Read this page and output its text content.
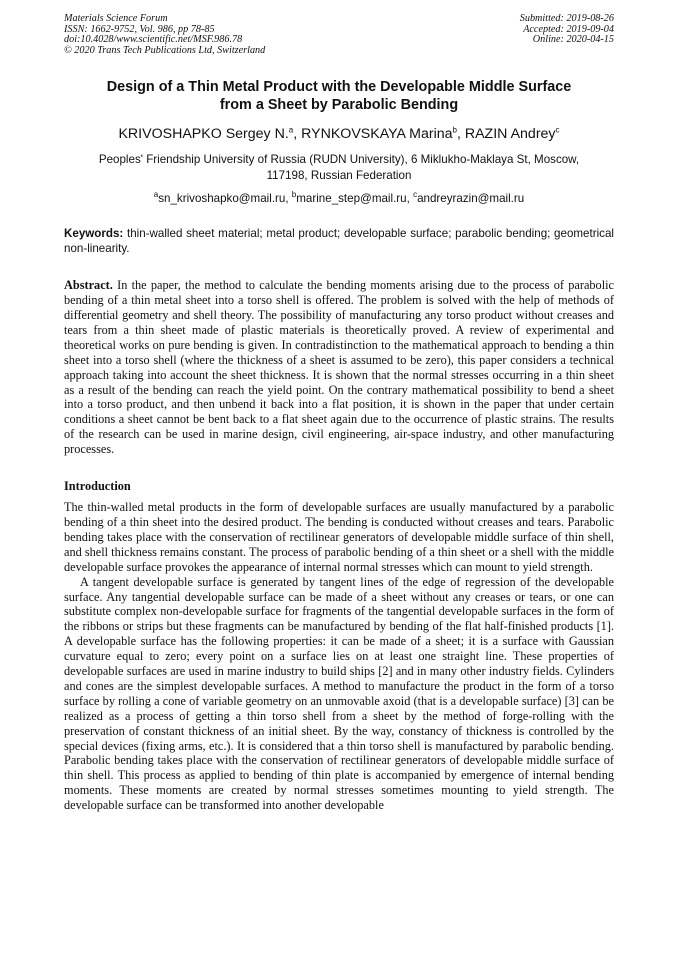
Materials Science Forum
ISSN: 1662-9752, Vol. 986, pp 78-85
doi:10.4028/www.scientific.net/MSF.986.78
© 2020 Trans Tech Publications Ltd, Switzerland
Submitted: 2019-08-26
Accepted: 2019-09-04
Online: 2020-04-15
Design of a Thin Metal Product with the Developable Middle Surface
from a Sheet by Parabolic Bending
KRIVOSHAPKO Sergey N.$^a$, RYNKOVSKAYA Marina$^b$, RAZIN Andrey$^c$
Peoples' Friendship University of Russia (RUDN University), 6 Miklukho-Maklaya St, Moscow,
117198, Russian Federation
$^a$sn_krivoshapko@mail.ru, $^b$marine_step@mail.ru, $^c$andreyrazin@mail.ru
Keywords: thin-walled sheet material; metal product; developable surface; parabolic bending; geometrical non-linearity.

Abstract. In the paper, the method to calculate the bending moments arising due to the process of parabolic bending of a thin metal sheet into a torso shell is offered. The problem is solved with the help of methods of differential geometry and shell theory. The possibility of manufacturing any torso product without creases and tears from a thin sheet made of plastic materials is theoretically proved. A review of experimental and theoretical works on pure bending is given. In contradistinction to the mathematical approach to bending a thin sheet into a torso shell (where the thickness of a sheet is assumed to be zero), this paper considers a technical approach taking into account the sheet thickness. It is shown that the normal stresses occurring in a thin sheet as a result of the bending can reach the yield point. On the contrary mathematical possibility to bend a sheet into a torso product, and then unbend it back into a flat position, it is shown in the paper that under certain conditions a sheet cannot be bent back to a flat sheet again due to the occurrence of plastic strains. The results of the research can be used in marine design, civil engineering, air-space industry, and other manufacturing processes.

Introduction

The thin-walled metal products in the form of developable surfaces are usually manufactured by a parabolic bending of a thin sheet into the desired product. The bending is conducted without creases and tears. Parabolic bending takes place with the conservation of rectilinear generators of developable middle surface of thin shell, and shell thickness remains constant. The process of parabolic bending of a thin sheet or a shell with the middle developable surface provokes the appearance of internal normal stresses which can mount to yield strength.

A tangent developable surface is generated by tangent lines of the edge of regression of the developable surface. Any tangential developable surface can be made of a sheet without any creases or tears, or one can substitute complex non-developable surface for fragments of the tangential developable surfaces in the form of the ribbons or strips but these fragments can be manufactured by bending of the flat half-finished products [1]. A developable surface has the following properties: it can be made of a sheet; it is a surface with Gaussian curvature equal to zero; every point on a surface lies on at least one straight line. These properties of developable surfaces are used in marine industry to build ships [2] and in many other industry fields. Cylinders and cones are the simplest developable surfaces. A method to manufacture the product in the form of a torso surface by rolling a cone of variable geometry on an unmovable axoid (that is a developable surface) [3] can be realized as a process of getting a thin torso shell from a sheet by the method of forge-rolling with the preservation of constant thickness of an initial sheet. By the way, constancy of thickness is controlled by the special devices (fixing arms, etc.). It is considered that a thin torso shell is manufactured by parabolic bending. Parabolic bending takes place with the conservation of rectilinear generators of developable middle surface of thin shell. This process as applied to bending of thin plate is accompanied by emergence of internal bending moments. These moments are created by normal stresses sometimes mounting to yield strength. The developable surface can be transformed into another developable
